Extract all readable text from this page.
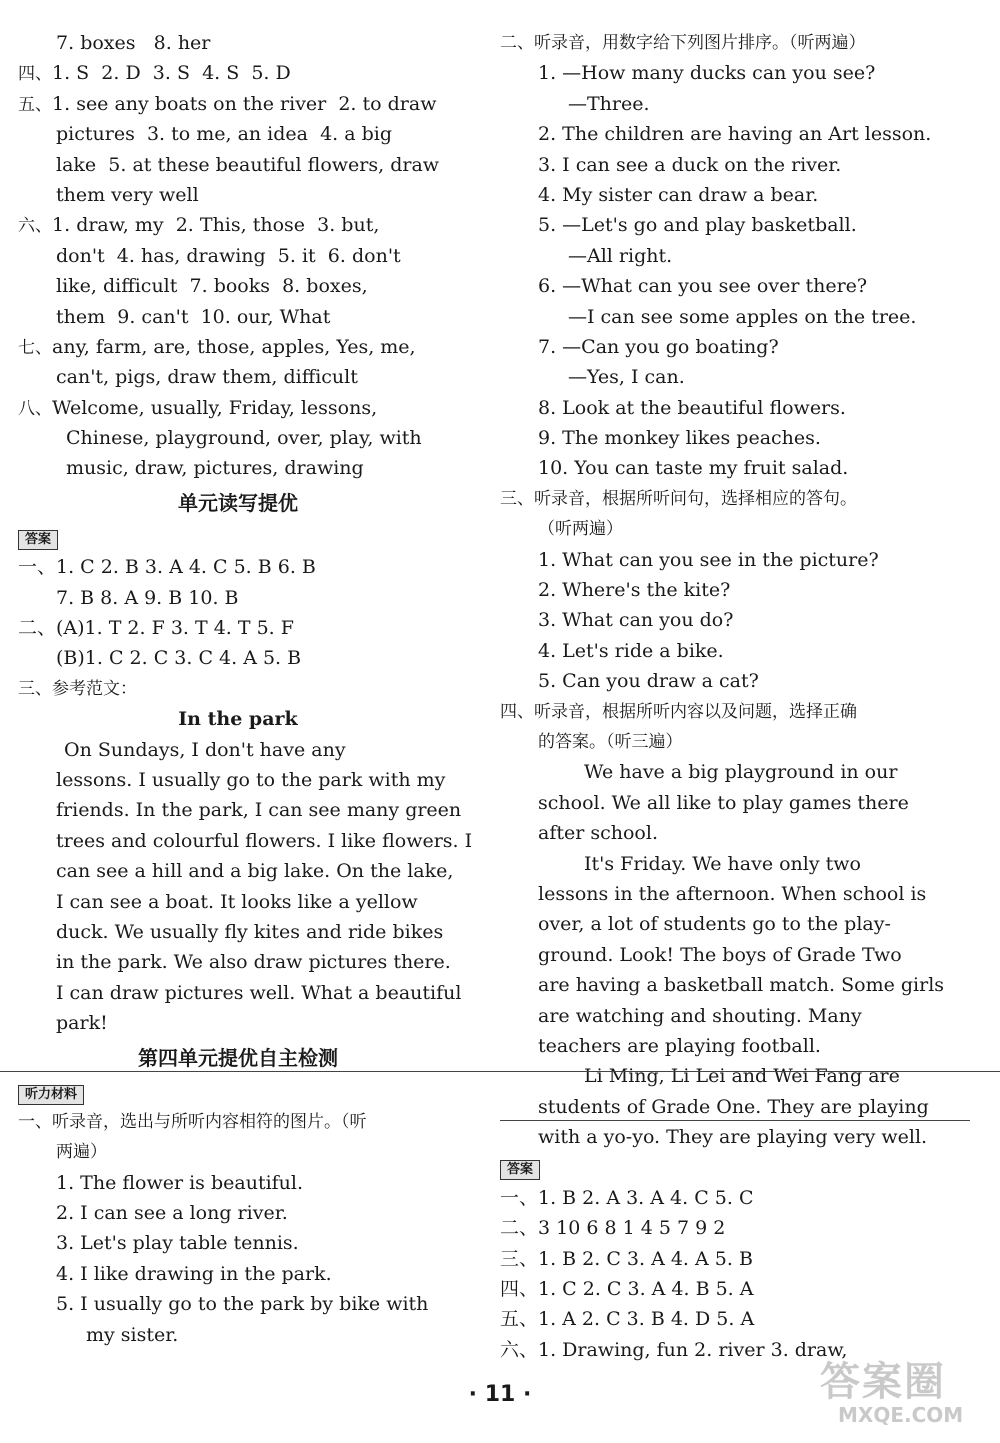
7. boxes 8. her
四、1. S 2. D 3. S 4. S 5. D
五、1. see any boats on the river 2. to draw
pictures 3. to me, an idea 4. a big
lake 5. at these beautiful flowers, draw
them very well
六、1. draw, my 2. This, those 3. but,
don't 4. has, drawing 5. it 6. don't
like, difficult 7. books 8. boxes,
them 9. can't 10. our, What
七、any, farm, are, those, apples, Yes, me,
can't, pigs, draw them, difficult
八、Welcome, usually, Friday, lessons,
Chinese, playground, over, play, with
music, draw, pictures, drawing
单元读写提优
答案
一、1. C 2. B 3. A 4. C 5. B 6. B
7. B 8. A 9. B 10. B
二、(A)1. T 2. F 3. T 4. T 5. F
(B)1. C 2. C 3. C 4. A 5. B
三、参考范文：
In the park
On Sundays, I don't have any
lessons. I usually go to the park with my
friends. In the park, I can see many green
trees and colourful flowers. I like flowers. I
can see a hill and a big lake. On the lake,
I can see a boat. It looks like a yellow
duck. We usually fly kites and ride bikes
in the park. We also draw pictures there.
I can draw pictures well. What a beautiful
park!
第四单元提优自主检测
听力材料
一、听录音，选出与所听内容相符的图片。（听
两遍）
1. The flower is beautiful.
2. I can see a long river.
3. Let's play table tennis.
4. I like drawing in the park.
5. I usually go to the park by bike with
my sister.
二、听录音，用数字给下列图片排序。（听两遍）
1. —How many ducks can you see?
—Three.
2. The children are having an Art lesson.
3. I can see a duck on the river.
4. My sister can draw a bear.
5. —Let's go and play basketball.
—All right.
6. —What can you see over there?
—I can see some apples on the tree.
7. —Can you go boating?
—Yes, I can.
8. Look at the beautiful flowers.
9. The monkey likes peaches.
10. You can taste my fruit salad.
三、听录音，根据所听问句，选择相应的答句。
（听两遍）
1. What can you see in the picture?
2. Where's the kite?
3. What can you do?
4. Let's ride a bike.
5. Can you draw a cat?
四、听录音，根据所听内容以及问题，选择正确
的答案。（听三遍）
We have a big playground in our
school. We all like to play games there
after school.
It's Friday. We have only two
lessons in the afternoon. When school is
over, a lot of students go to the play-
ground. Look! The boys of Grade Two
are having a basketball match. Some girls
are watching and shouting. Many
teachers are playing football.
Li Ming, Li Lei and Wei Fang are
students of Grade One. They are playing
with a yo-yo. They are playing very well.
答案
一、1. B 2. A 3. A 4. C 5. C
二、3 10 6 8 1 4 5 7 9 2
三、1. B 2. C 3. A 4. A 5. B
四、1. C 2. C 3. A 4. B 5. A
五、1. A 2. C 3. B 4. D 5. A
六、1. Drawing, fun 2. river 3. draw,
· 11 ·	答案圈
MXQE.COM
